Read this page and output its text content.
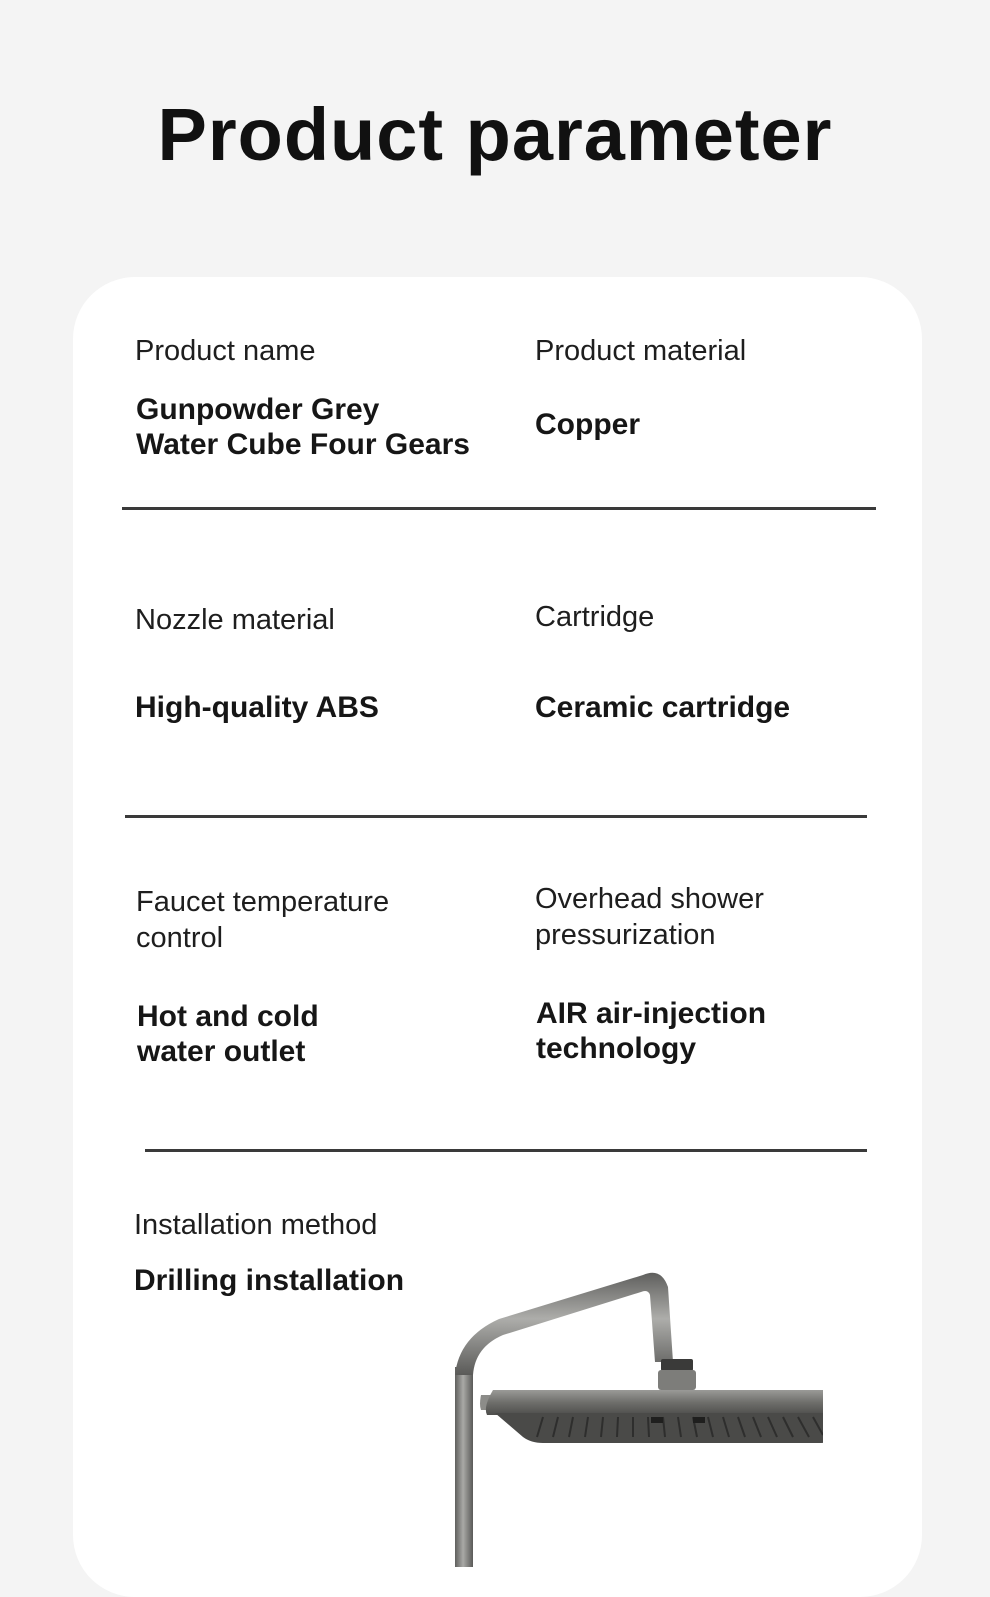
Product parameter
Product name
Gunpowder Grey
Water Cube Four Gears
Product material
Copper
Nozzle material
High-quality ABS
Cartridge
Ceramic cartridge
Faucet temperature
control
Hot and cold
water outlet
Overhead shower
pressurization
AIR air-injection
technology
Installation method
Drilling installation
